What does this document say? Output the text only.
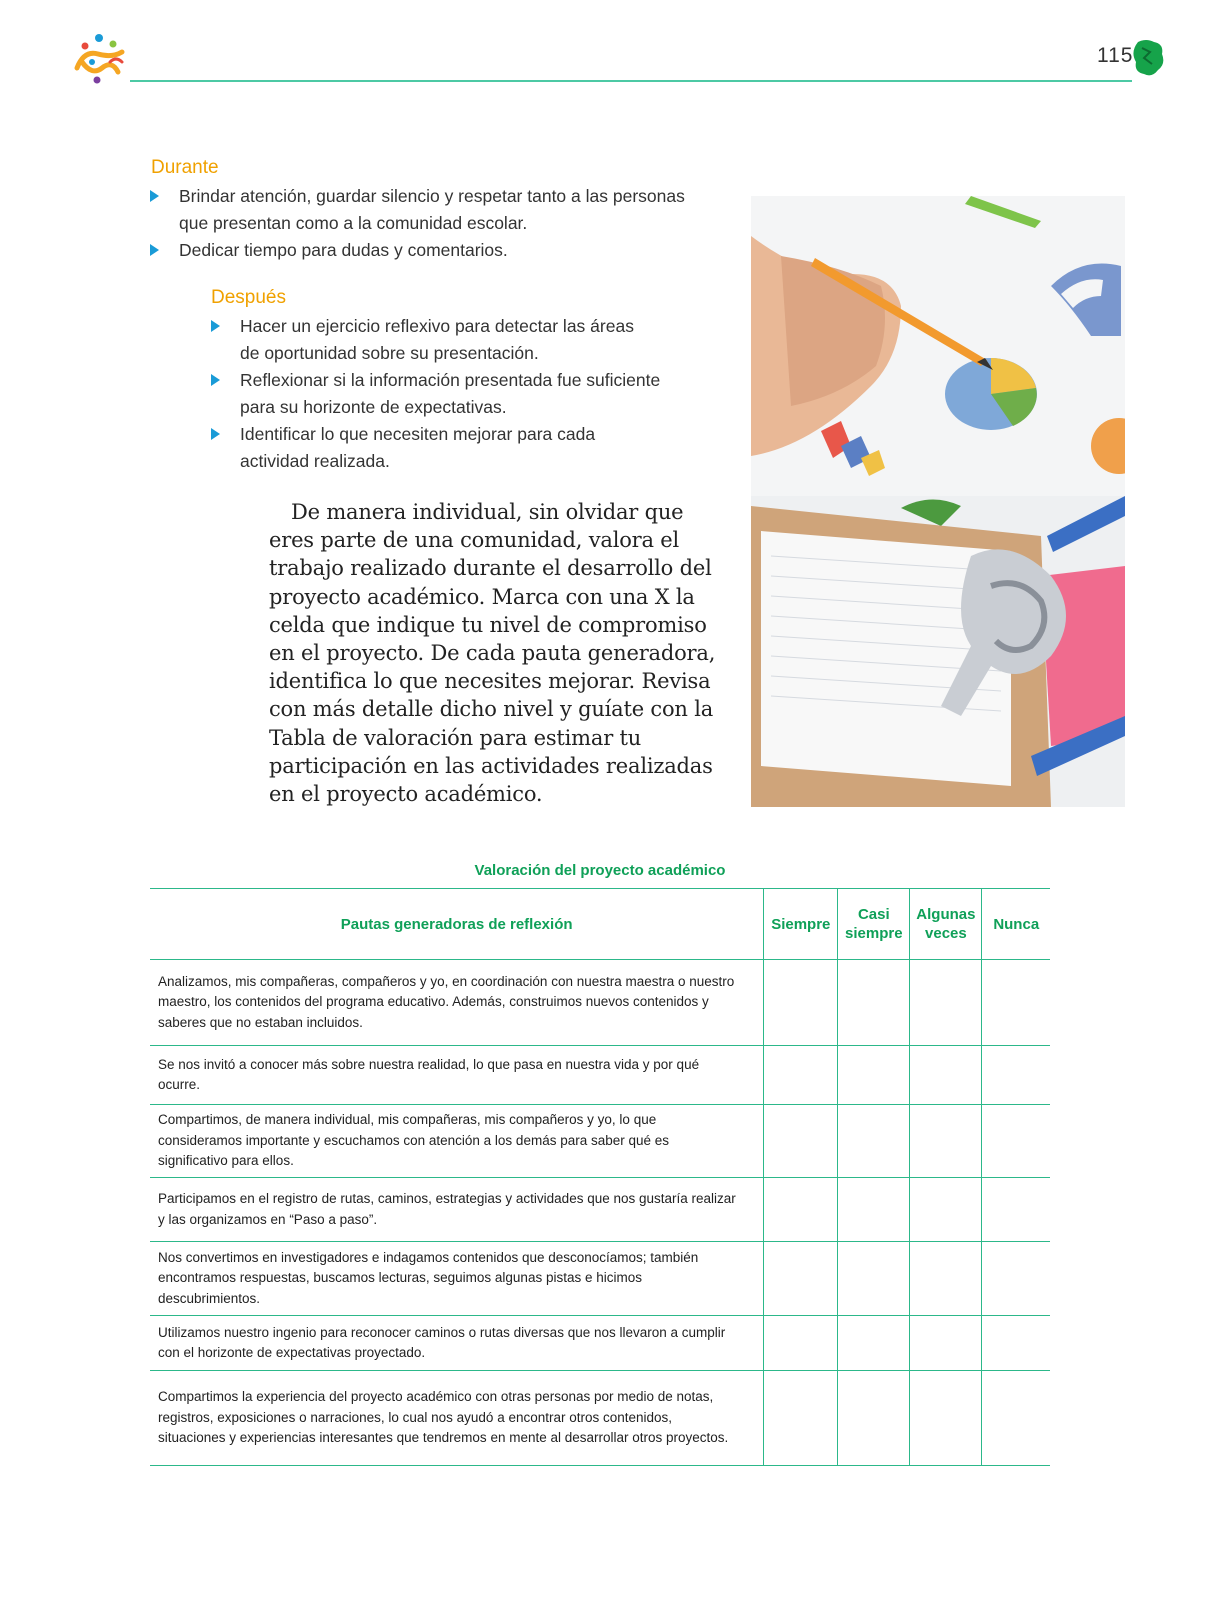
115
Durante
Brindar atención, guardar silencio y respetar tanto a las personas que presentan como a la comunidad escolar.
Dedicar tiempo para dudas y comentarios.
Después
Hacer un ejercicio reflexivo para detectar las áreas de oportunidad sobre su presentación.
Reflexionar si la información presentada fue suficiente para su horizonte de expectativas.
Identificar lo que necesiten mejorar para cada actividad realizada.
De manera individual, sin olvidar que eres parte de una comunidad, valora el trabajo realizado durante el desarrollo del proyecto académico. Marca con una X la celda que indique tu nivel de compromiso en el proyecto. De cada pauta generadora, identifica lo que necesites mejorar. Revisa con más detalle dicho nivel y guíate con la Tabla de valoración para estimar tu participación en las actividades realizadas en el proyecto académico.
Valoración del proyecto académico
Pautas generadoras de reflexión	Siempre	Casi siempre	Algunas veces	Nunca
Analizamos, mis compañeras, compañeros y yo, en coordinación con nuestra maestra o nuestro maestro, los contenidos del programa educativo. Además, construimos nuevos contenidos y saberes que no estaban incluidos.				
Se nos invitó a conocer más sobre nuestra realidad, lo que pasa en nuestra vida y por qué ocurre.				
Compartimos, de manera individual, mis compañeras, mis compañeros y yo, lo que consideramos importante y escuchamos con atención a los demás para saber qué es significativo para ellos.				
Participamos en el registro de rutas, caminos, estrategias y actividades que nos gustaría realizar y las organizamos en “Paso a paso”.				
Nos convertimos en investigadores e indagamos contenidos que desconocíamos; también encontramos respuestas, buscamos lecturas, seguimos algunas pistas e hicimos descubrimientos.				
Utilizamos nuestro ingenio para reconocer caminos o rutas diversas que nos llevaron a cumplir con el horizonte de expectativas proyectado.				
Compartimos la experiencia del proyecto académico con otras personas por medio de notas, registros, exposiciones o narraciones, lo cual nos ayudó a encontrar otros contenidos, situaciones y experiencias interesantes que tendremos en mente al desarrollar otros proyectos.				
